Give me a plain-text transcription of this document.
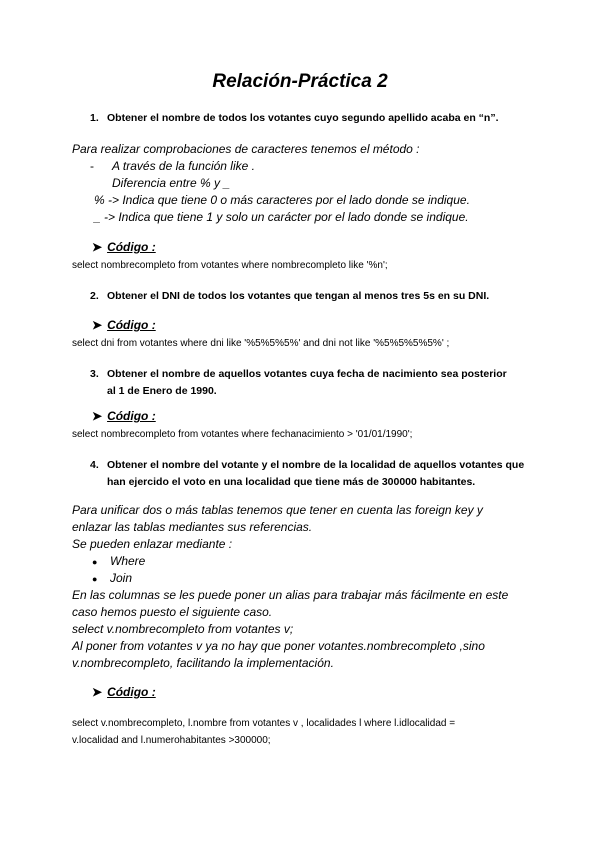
Relación-Práctica 2
1. Obtener el nombre de todos los votantes cuyo segundo apellido acaba en “n”.
Para realizar comprobaciones de caracteres tenemos el método :
- A través de la función like .
Diferencia entre % y _
% -> Indica que tiene 0 o más caracteres por el lado donde se indique.
_ -> Indica que tiene 1 y solo un carácter por el lado donde se indique.
➤ Código :
select nombrecompleto from votantes where nombrecompleto like '%n';
2. Obtener el DNI de todos los votantes que tengan al menos tres 5s en su DNI.
➤ Código :
select dni from votantes where dni like '%5%5%5%' and dni not like '%5%5%5%5%' ;
3. Obtener el nombre de aquellos votantes cuya fecha de nacimiento sea posterior al 1 de Enero de 1990.
➤ Código :
select nombrecompleto from votantes where fechanacimiento > '01/01/1990';
4. Obtener el nombre del votante y el nombre de la localidad de aquellos votantes que han ejercido el voto en una localidad que tiene más de 300000 habitantes.
Para unificar dos o más tablas tenemos que tener en cuenta las foreign key y
enlazar las tablas mediantes sus referencias.
Se pueden enlazar mediante :
● Where
● Join
En las columnas se les puede poner un alias para trabajar más fácilmente en este
caso hemos puesto el siguiente caso.
select v.nombrecompleto from votantes v;
Al poner from votantes v ya no hay que poner votantes.nombrecompleto ,sino
v.nombrecompleto, facilitando la implementación.
➤ Código :
select v.nombrecompleto, l.nombre from votantes v , localidades l where l.idlocalidad =
v.localidad and l.numerohabitantes >300000;
